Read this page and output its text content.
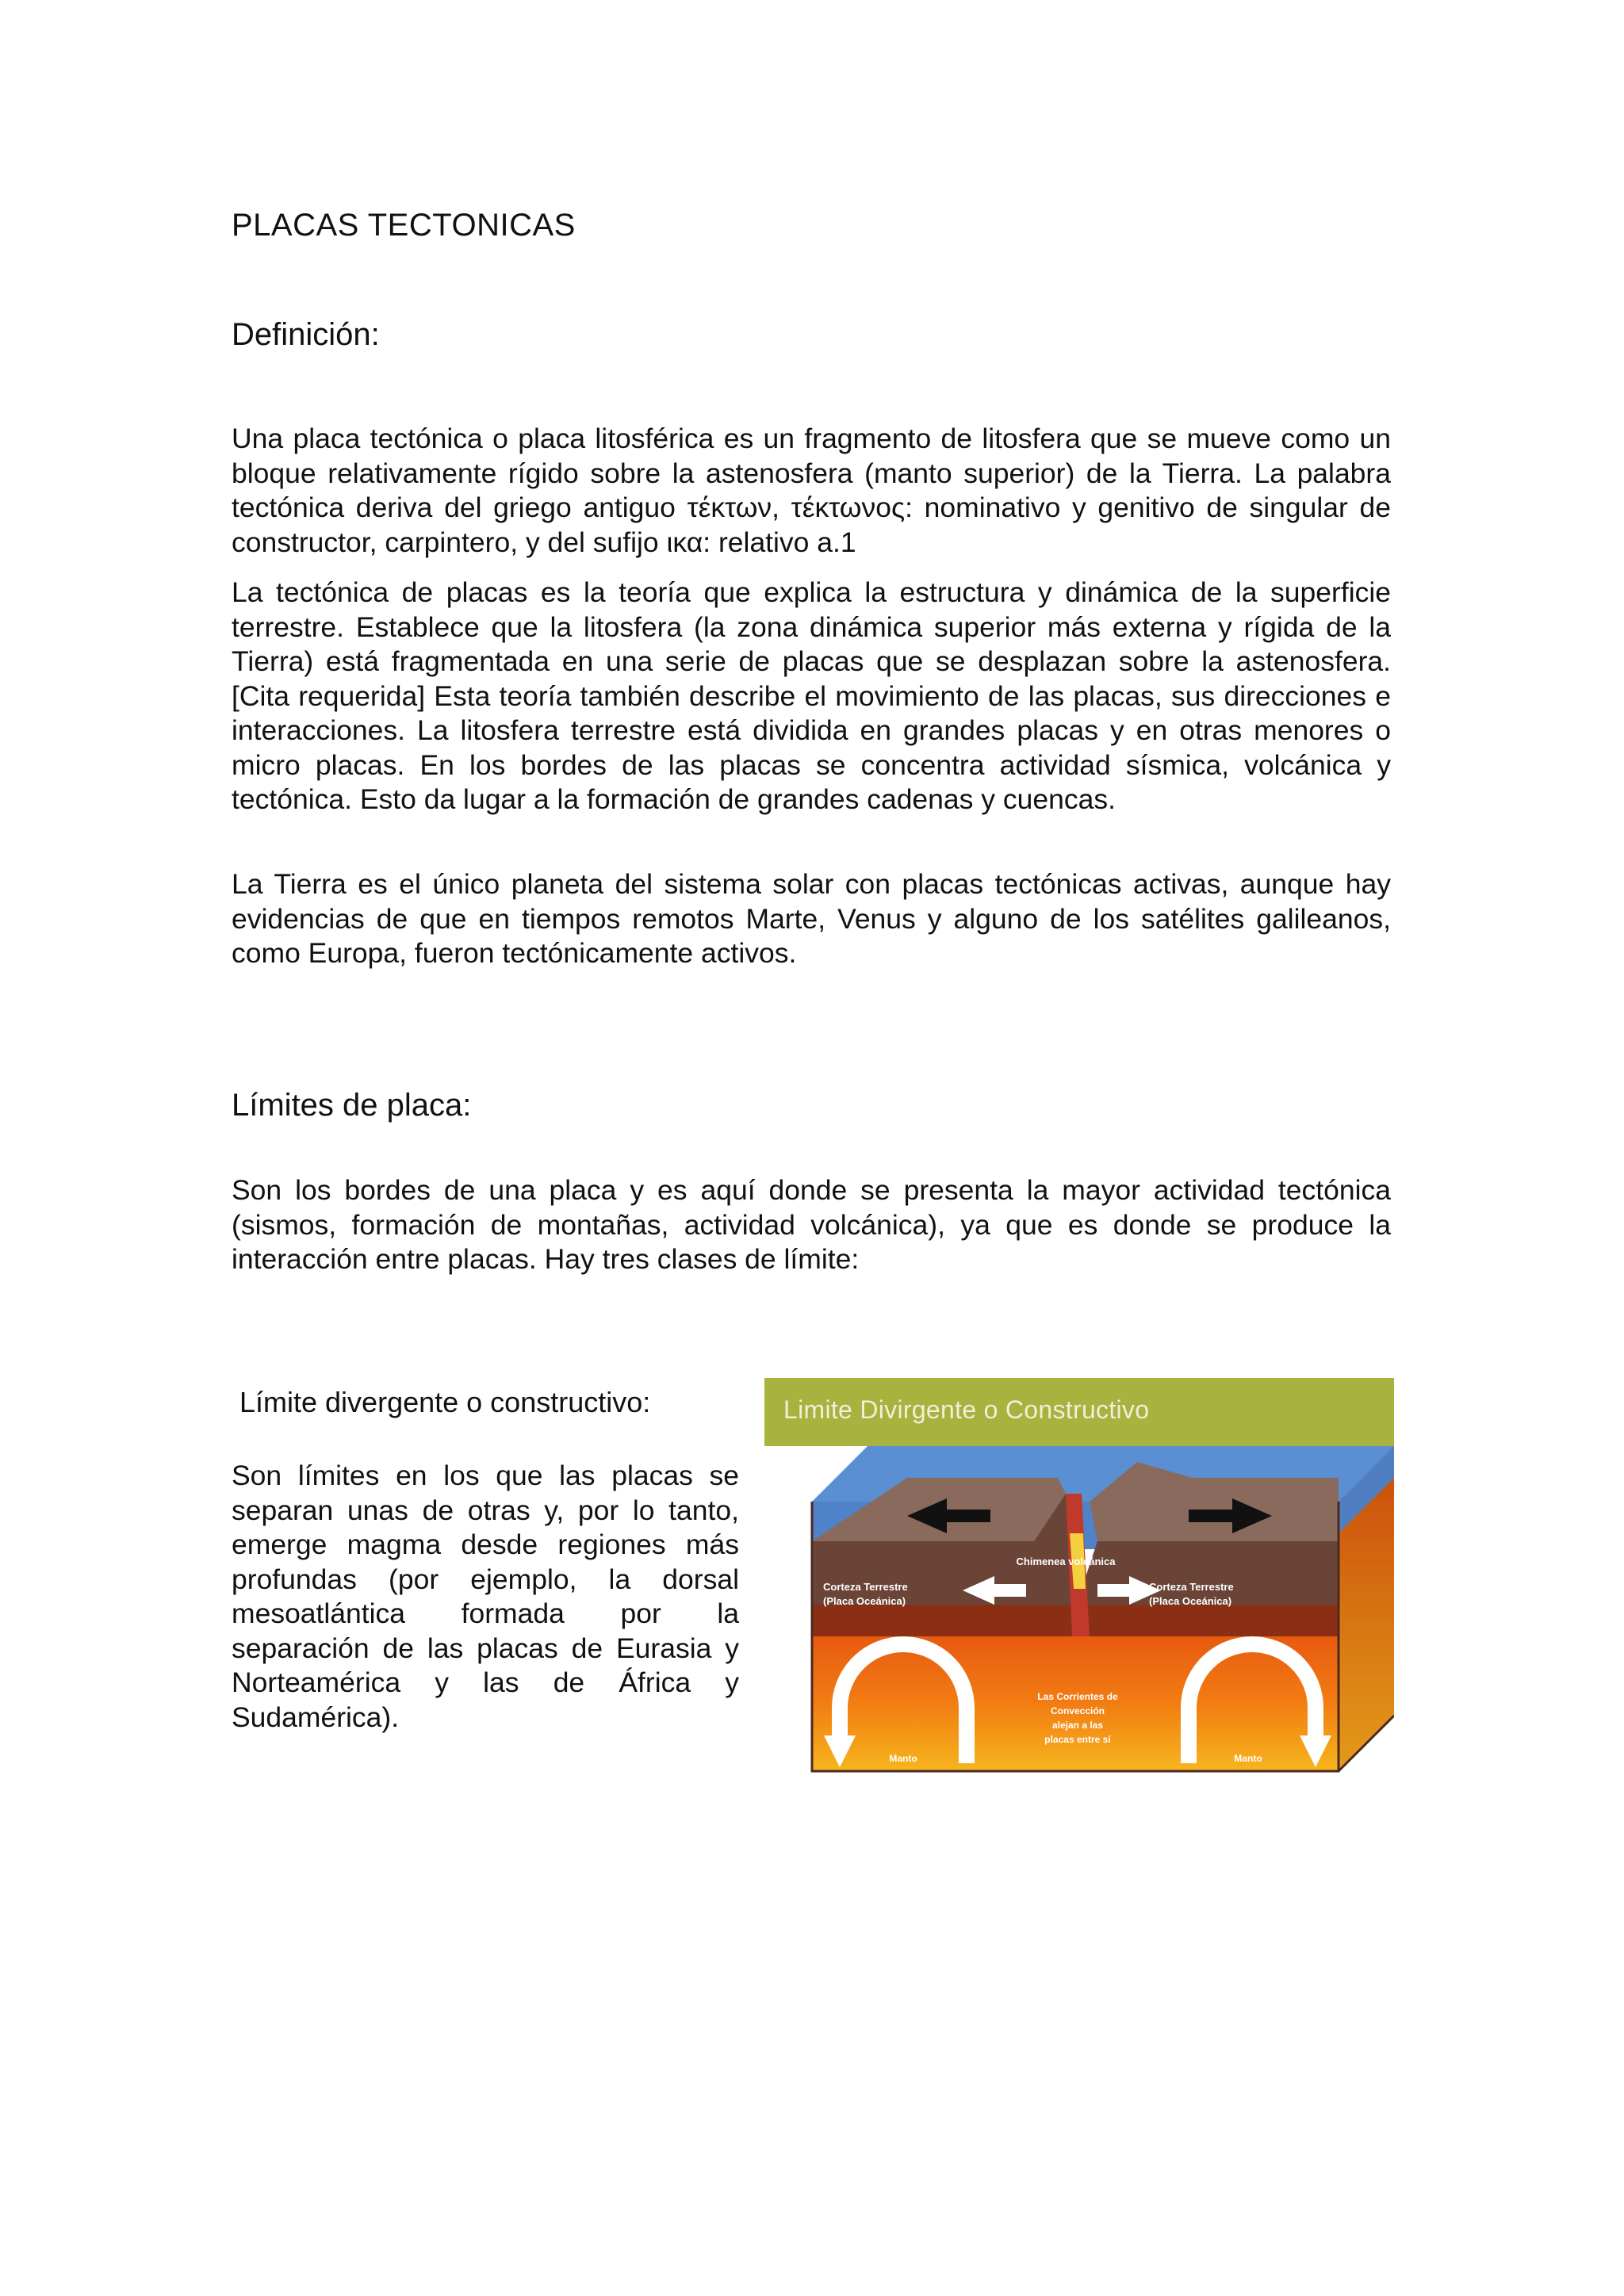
PLACAS TECTONICAS
Definición:

Una placa tectónica o placa litosférica es un fragmento de litosfera que se mueve como un bloque relativamente rígido sobre la astenosfera (manto superior) de la Tierra. La palabra tectónica deriva del griego antiguo τέκτων, τέκτωνος: nominativo y genitivo de singular de constructor, carpintero, y del sufijo ικα: relativo a.1

La tectónica de placas es la teoría que explica la estructura y dinámica de la superficie terrestre. Establece que la litosfera (la zona dinámica superior más externa y rígida de la Tierra) está fragmentada en una serie de placas que se desplazan sobre la astenosfera. [Cita requerida] Esta teoría también describe el movimiento de las placas, sus direcciones e interacciones. La litosfera terrestre está dividida en grandes placas y en otras menores o micro placas. En los bordes de las placas se concentra actividad sísmica, volcánica y tectónica. Esto da lugar a la formación de grandes cadenas y cuencas.

La Tierra es el único planeta del sistema solar con placas tectónicas activas, aunque hay evidencias de que en tiempos remotos Marte, Venus y alguno de los satélites galileanos, como Europa, fueron tectónicamente activos.

Límites de placa:

Son los bordes de una placa y es aquí donde se presenta la mayor actividad tectónica (sismos, formación de montañas, actividad volcánica), ya que es donde se produce la interacción entre placas. Hay tres clases de límite:

Límite divergente o constructivo:

Son límites en los que las placas se separan unas de otras y, por lo tanto, emerge magma desde regiones más profundas (por ejemplo, la dorsal mesoatlántica formada por la separación de las placas de Eurasia y Norteamérica y las de África y Sudamérica).

Limite Divirgente o Constructivo
Chimenea volcánica
Corteza Terrestre
(Placa Oceánica)
Corteza Terrestre
(Placa Oceánica)
Las Corrientes de
Convección
alejan a las
placas entre sí
Manto	Manto
